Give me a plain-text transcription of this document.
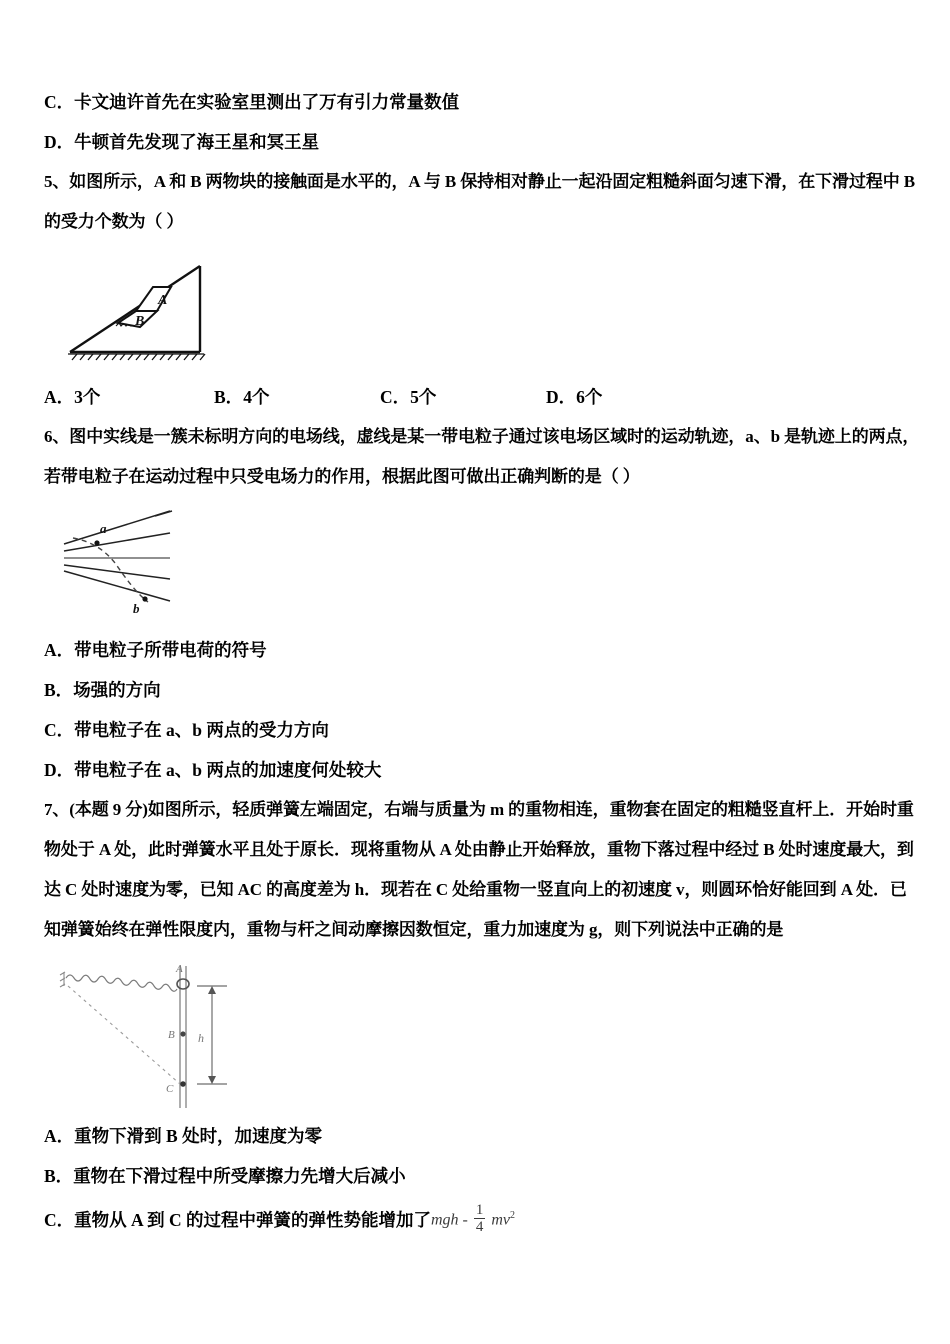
C．卡文迪许首先在实验室里测出了万有引力常量数值
D．牛顿首先发现了海王星和冥王星
5、如图所示，A 和 B 两物块的接触面是水平的，A 与 B 保持相对静止一起沿固定粗糙斜面匀速下滑，在下滑过程中 B
的受力个数为（ ）
A
B
A．3个	B．4个	C．5个	D．6个
6、图中实线是一簇未标明方向的电场线，虚线是某一带电粒子通过该电场区域时的运动轨迹，a、b 是轨迹上的两点，
若带电粒子在运动过程中只受电场力的作用，根据此图可做出正确判断的是（ ）
a
b
A．带电粒子所带电荷的符号
B．场强的方向
C．带电粒子在 a、b 两点的受力方向
D．带电粒子在 a、b 两点的加速度何处较大
7、(本题 9 分)如图所示，轻质弹簧左端固定，右端与质量为 m 的重物相连，重物套在固定的粗糙竖直杆上．开始时重
物处于 A 处，此时弹簧水平且处于原长．现将重物从 A 处由静止开始释放，重物下落过程中经过 B 处时速度最大，到
达 C 处时速度为零，已知 AC 的高度差为 h．现若在 C 处给重物一竖直向上的初速度 v，则圆环恰好能回到 A 处．已
知弹簧始终在弹性限度内，重物与杆之间动摩擦因数恒定，重力加速度为 g，则下列说法中正确的是
A
B
C
h
A．重物下滑到 B 处时，加速度为零
B．重物在下滑过程中所受摩擦力先增大后减小
C．重物从 A 到 C 的过程中弹簧的弹性势能增加了 mgh - $\frac{1}{4} mv^2$
